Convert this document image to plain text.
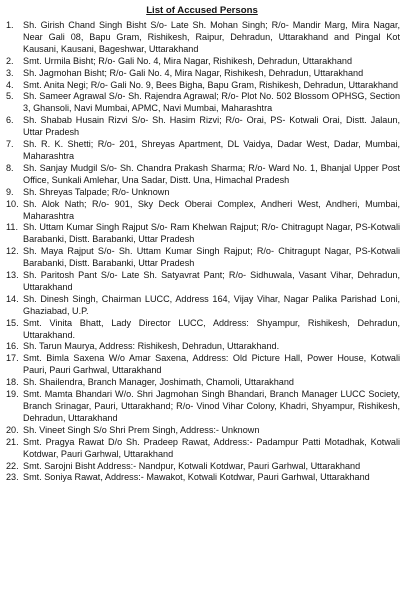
List of Accused Persons
1.	Sh. Girish Chand Singh Bisht S/o- Late Sh. Mohan Singh; R/o- Mandir Marg, Mira Nagar, Near Gali 08, Bapu Gram, Rishikesh, Raipur, Dehradun, Uttarakhand and Pingal Kot Kausani, Kausani, Bageshwar, Uttarakhand
2.	Smt. Urmila Bisht; R/o- Gali No. 4, Mira Nagar, Rishikesh, Dehradun, Uttarakhand
3.	Sh. Jagmohan Bisht; R/o- Gali No. 4, Mira Nagar, Rishikesh, Dehradun, Uttarakhand
4.	Smt. Anita Negi; R/o- Gali No. 9, Bees Bigha, Bapu Gram, Rishikesh, Dehradun, Uttarakhand
5.	Sh. Sameer Agrawal S/o- Sh. Rajendra Agrawal; R/o- Plot No. 502 Blossom OPHSG, Section 3, Ghansoli, Navi Mumbai, APMC, Navi Mumbai, Maharashtra
6.	Sh. Shabab Husain Rizvi S/o- Sh. Hasim Rizvi; R/o- Orai, PS- Kotwali Orai, Distt. Jalaun, Uttar Pradesh
7.	Sh. R. K. Shetti; R/o- 201, Shreyas Apartment, DL Vaidya, Dadar West, Dadar, Mumbai, Maharashtra
8.	Sh. Sanjay Mudgil S/o- Sh. Chandra Prakash Sharma; R/o- Ward No. 1, Bhanjal Upper Post Office, Sunkali Amlehar, Una Sadar, Distt. Una, Himachal Pradesh
9.	Sh. Shreyas Talpade; R/o- Unknown
10. Sh. Alok Nath; R/o- 901, Sky Deck Oberai Complex, Andheri West, Andheri, Mumbai, Maharashtra
11. Sh. Uttam Kumar Singh Rajput S/o- Ram Khelwan Rajput; R/o- Chitragupt Nagar, PS-Kotwali Barabanki, Distt. Barabanki, Uttar Pradesh
12. Sh. Maya Rajput S/o- Sh. Uttam Kumar Singh Rajput; R/o- Chitragupt Nagar, PS-Kotwali Barabanki, Distt. Barabanki, Uttar Pradesh
13. Sh. Paritosh Pant S/o- Late Sh. Satyavrat Pant; R/o- Sidhuwala, Vasant Vihar, Dehradun, Uttarakhand
14. Sh. Dinesh Singh, Chairman LUCC, Address 164, Vijay Vihar, Nagar Palika Parishad Loni, Ghaziabad, U.P.
15. Smt. Vinita Bhatt, Lady Director LUCC, Address: Shyampur, Rishikesh, Dehradun, Uttarakhand.
16. Sh. Tarun Maurya, Address: Rishikesh, Dehradun, Uttarakhand.
17. Smt. Bimla Saxena W/o Amar Saxena, Address: Old Picture Hall, Power House, Kotwali Pauri, Pauri Garhwal, Uttarakhand
18. Sh. Shailendra, Branch Manager, Joshimath, Chamoli, Uttarakhand
19. Smt. Mamta Bhandari W/o. Shri Jagmohan Singh Bhandari, Branch Manager LUCC Society, Branch Srinagar, Pauri, Uttarakhand; R/o- Vinod Vihar Colony, Khadri, Shyampur, Rishikesh, Dehradun, Uttarakhand
20. Sh. Vineet Singh S/o Shri Prem Singh, Address:- Unknown
21. Smt. Pragya Rawat D/o Sh. Pradeep Rawat, Address:- Padampur Patti Motadhak, Kotwali Kotdwar, Pauri Garhwal, Uttarakhand
22. Smt. Sarojni Bisht Address:- Nandpur, Kotwali Kotdwar, Pauri Garhwal, Uttarakhand
23. Smt. Soniya Rawat, Address:- Mawakot, Kotwali Kotdwar, Pauri Garhwal, Uttarakhand
